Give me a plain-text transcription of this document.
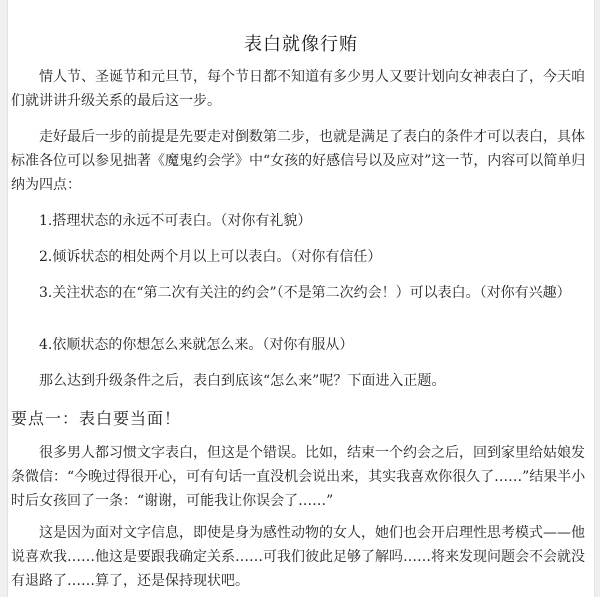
表白就像行贿

情人节、圣诞节和元旦节，每个节日都不知道有多少男人又要计划向女神表白了，今天咱们就讲讲升级关系的最后这一步。

走好最后一步的前提是先要走对倒数第二步，也就是满足了表白的条件才可以表白，具体标准各位可以参见拙著《魔鬼约会学》中“女孩的好感信号以及应对”这一节，内容可以简单归纳为四点：

1.搭理状态的永远不可表白。（对你有礼貌）

2.倾诉状态的相处两个月以上可以表白。（对你有信任）

3.关注状态的在“第二次有关注的约会”（不是第二次约会！）可以表白。（对你有兴趣）

4.依顺状态的你想怎么来就怎么来。（对你有服从）

那么达到升级条件之后，表白到底该“怎么来”呢？下面进入正题。

要点一：表白要当面！

很多男人都习惯文字表白，但这是个错误。比如，结束一个约会之后，回到家里给姑娘发条微信：“今晚过得很开心，可有句话一直没机会说出来，其实我喜欢你很久了……”结果半小时后女孩回了一条：“谢谢，可能我让你误会了……”

这是因为面对文字信息，即使是身为感性动物的女人，她们也会开启理性思考模式——他说喜欢我……他这是要跟我确定关系……可我们彼此足够了解吗……将来发现问题会不会就没有退路了……算了，还是保持现状吧。
